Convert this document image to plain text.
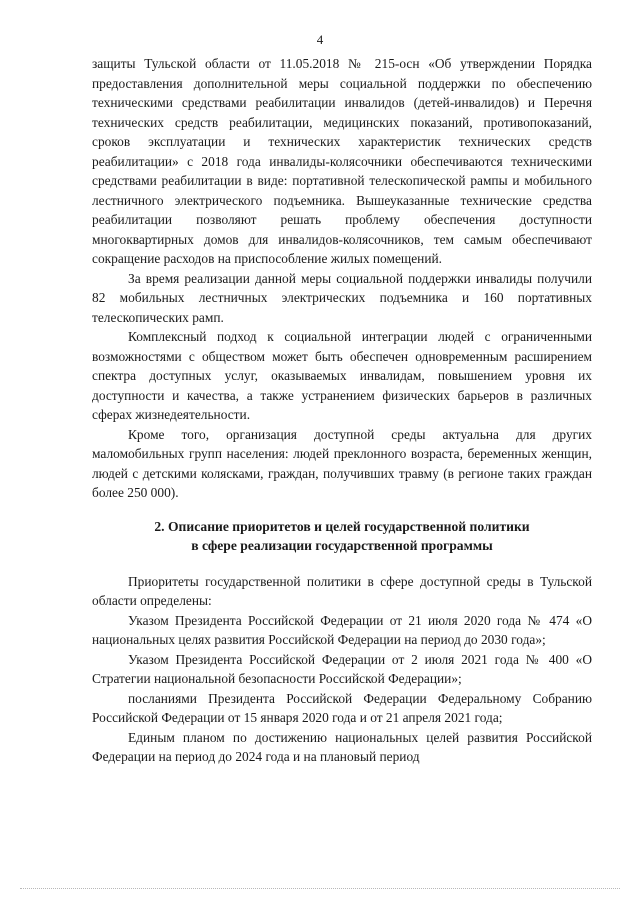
4

защиты Тульской области от 11.05.2018 № 215-осн «Об утверждении Порядка предоставления дополнительной меры социальной поддержки по обеспечению техническими средствами реабилитации инвалидов (детей-инвалидов) и Перечня технических средств реабилитации, медицинских показаний, противопоказаний, сроков эксплуатации и технических характеристик технических средств реабилитации» с 2018 года инвалиды-колясочники обеспечиваются техническими средствами реабилитации в виде: портативной телескопической рампы и мобильного лестничного электрического подъемника. Вышеуказанные технические средства реабилитации позволяют решать проблему обеспечения доступности многоквартирных домов для инвалидов-колясочников, тем самым обеспечивают сокращение расходов на приспособление жилых помещений.

За время реализации данной меры социальной поддержки инвалиды получили 82 мобильных лестничных электрических подъемника и 160 портативных телескопических рамп.

Комплексный подход к социальной интеграции людей с ограниченными возможностями с обществом может быть обеспечен одновременным расширением спектра доступных услуг, оказываемых инвалидам, повышением уровня их доступности и качества, а также устранением физических барьеров в различных сферах жизнедеятельности.

Кроме того, организация доступной среды актуальна для других маломобильных групп населения: людей преклонного возраста, беременных женщин, людей с детскими колясками, граждан, получивших травму (в регионе таких граждан более 250 000).

2. Описание приоритетов и целей государственной политики
в сфере реализации государственной программы

Приоритеты государственной политики в сфере доступной среды в Тульской области определены:

Указом Президента Российской Федерации от 21 июля 2020 года № 474 «О национальных целях развития Российской Федерации на период до 2030 года»;

Указом Президента Российской Федерации от 2 июля 2021 года № 400 «О Стратегии национальной безопасности Российской Федерации»;

посланиями Президента Российской Федерации Федеральному Собранию Российской Федерации от 15 января 2020 года и от 21 апреля 2021 года;

Единым планом по достижению национальных целей развития Российской Федерации на период до 2024 года и на плановый период
